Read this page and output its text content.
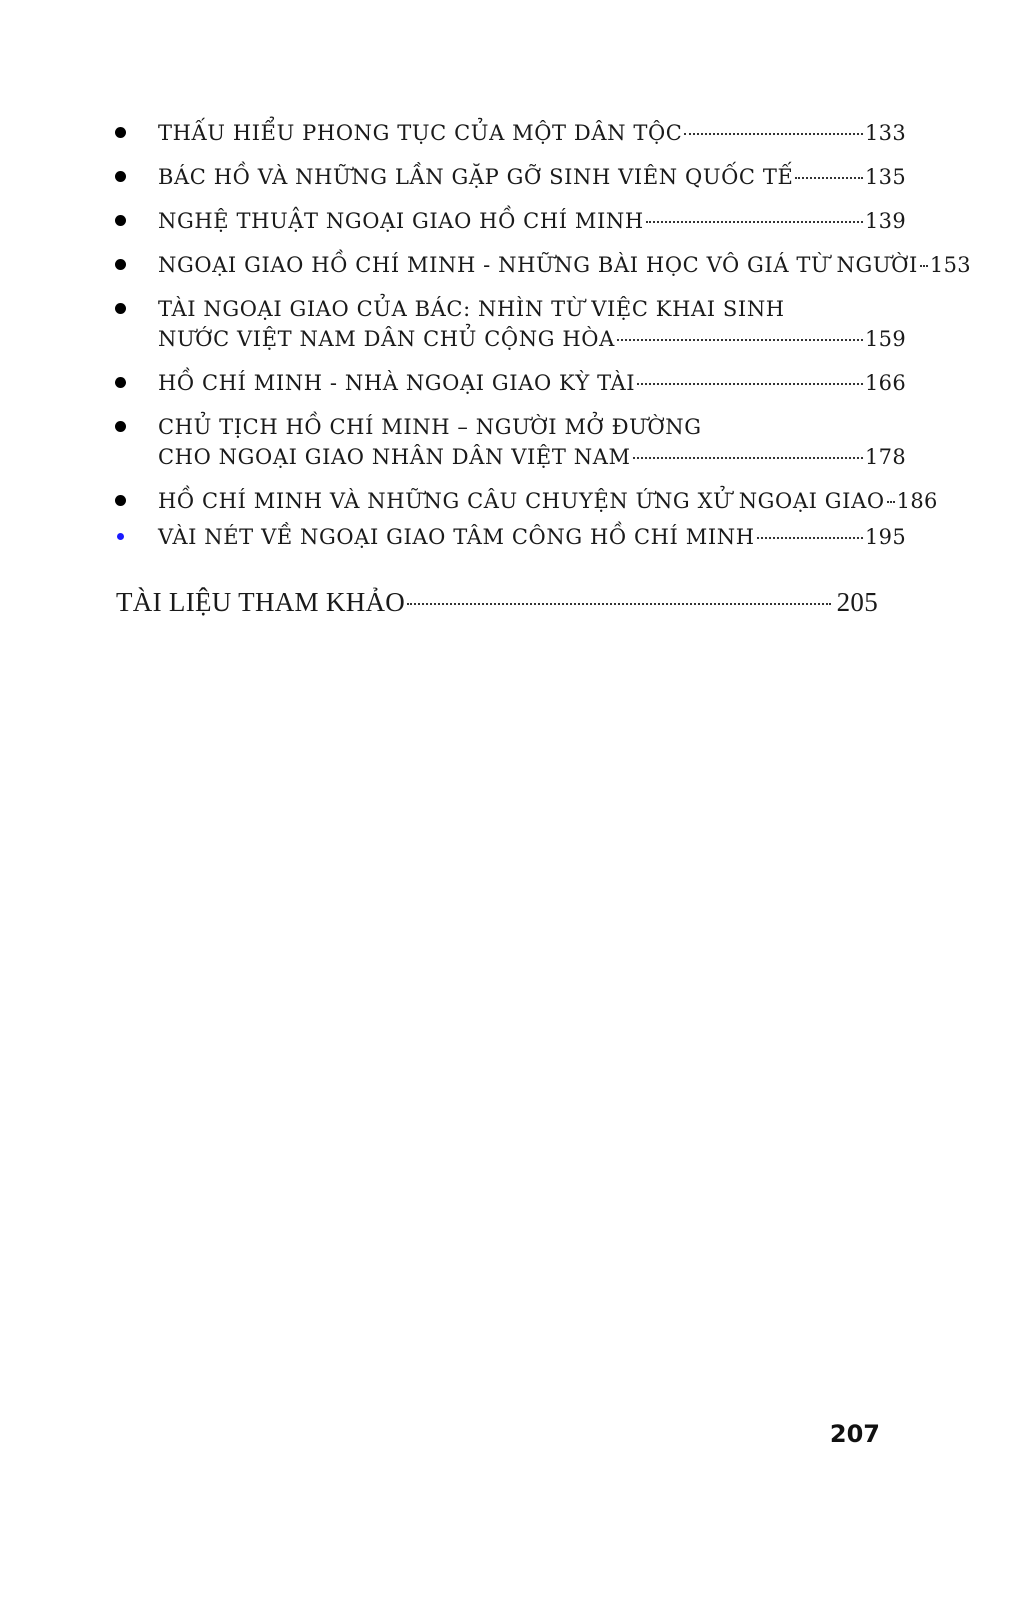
THẤU HIỂU PHONG TỤC CỦA MỘT DÂN TỘC	133
BÁC HỒ VÀ NHỮNG LẦN GẶP GỠ SINH VIÊN QUỐC TẾ	135
NGHỆ THUẬT NGOẠI GIAO HỒ CHÍ MINH	139
NGOẠI GIAO HỒ CHÍ MINH - NHỮNG BÀI HỌC VÔ GIÁ TỪ NGƯỜI 153
TÀI NGOẠI GIAO CỦA BÁC: NHÌN TỪ VIỆC KHAI SINH
NƯỚC VIỆT NAM DÂN CHỦ CỘNG HÒA	159
HỒ CHÍ MINH - NHÀ NGOẠI GIAO KỲ TÀI	166
CHỦ TỊCH HỒ CHÍ MINH – NGƯỜI MỞ ĐƯỜNG
CHO NGOẠI GIAO NHÂN DÂN VIỆT NAM	178
HỒ CHÍ MINH VÀ NHỮNG CÂU CHUYỆN ỨNG XỬ NGOẠI GIAO 186
VÀI NÉT VỀ NGOẠI GIAO TÂM CÔNG HỒ CHÍ MINH	195
TÀI LIỆU THAM KHẢO	205
207
